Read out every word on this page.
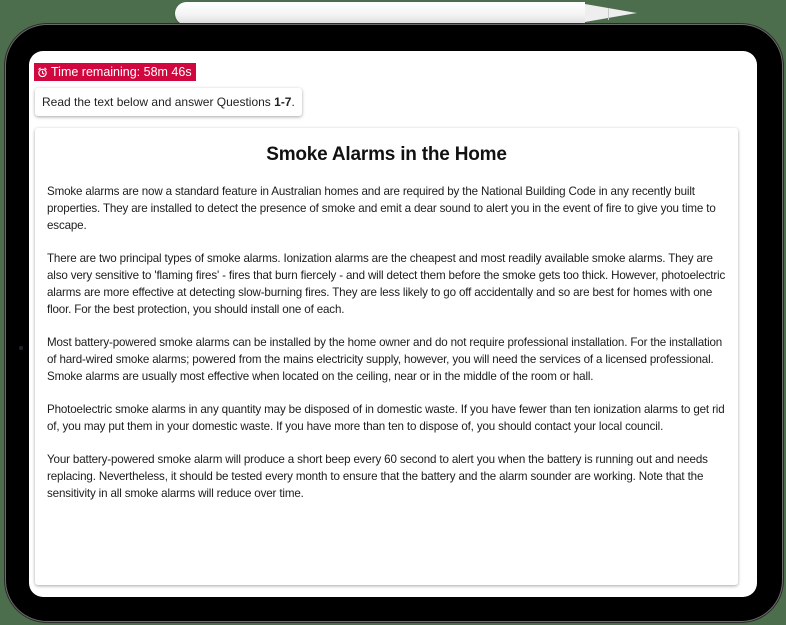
Time remaining: 58m 46s
Read the text below and answer Questions 1-7.
Smoke Alarms in the Home

Smoke alarms are now a standard feature in Australian homes and are required by the National Building Code in any recently built properties. They are installed to detect the presence of smoke and emit a dear sound to alert you in the event of fire to give you time to escape.

There are two principal types of smoke alarms. Ionization alarms are the cheapest and most readily available smoke alarms. They are also very sensitive to 'flaming fires' - fires that burn fiercely - and will detect them before the smoke gets too thick. However, photoelectric alarms are more effective at detecting slow-burning fires. They are less likely to go off accidentally and so are best for homes with one floor. For the best protection, you should install one of each.

Most battery-powered smoke alarms can be installed by the home owner and do not require professional installation. For the installation of hard-wired smoke alarms; powered from the mains electricity supply, however, you will need the services of a licensed professional. Smoke alarms are usually most effective when located on the ceiling, near or in the middle of the room or hall.

Photoelectric smoke alarms in any quantity may be disposed of in domestic waste. If you have fewer than ten ionization alarms to get rid of, you may put them in your domestic waste. If you have more than ten to dispose of, you should contact your local council.

Your battery-powered smoke alarm will produce a short beep every 60 second to alert you when the battery is running out and needs replacing. Nevertheless, it should be tested every month to ensure that the battery and the alarm sounder are working. Note that the sensitivity in all smoke alarms will reduce over time.
